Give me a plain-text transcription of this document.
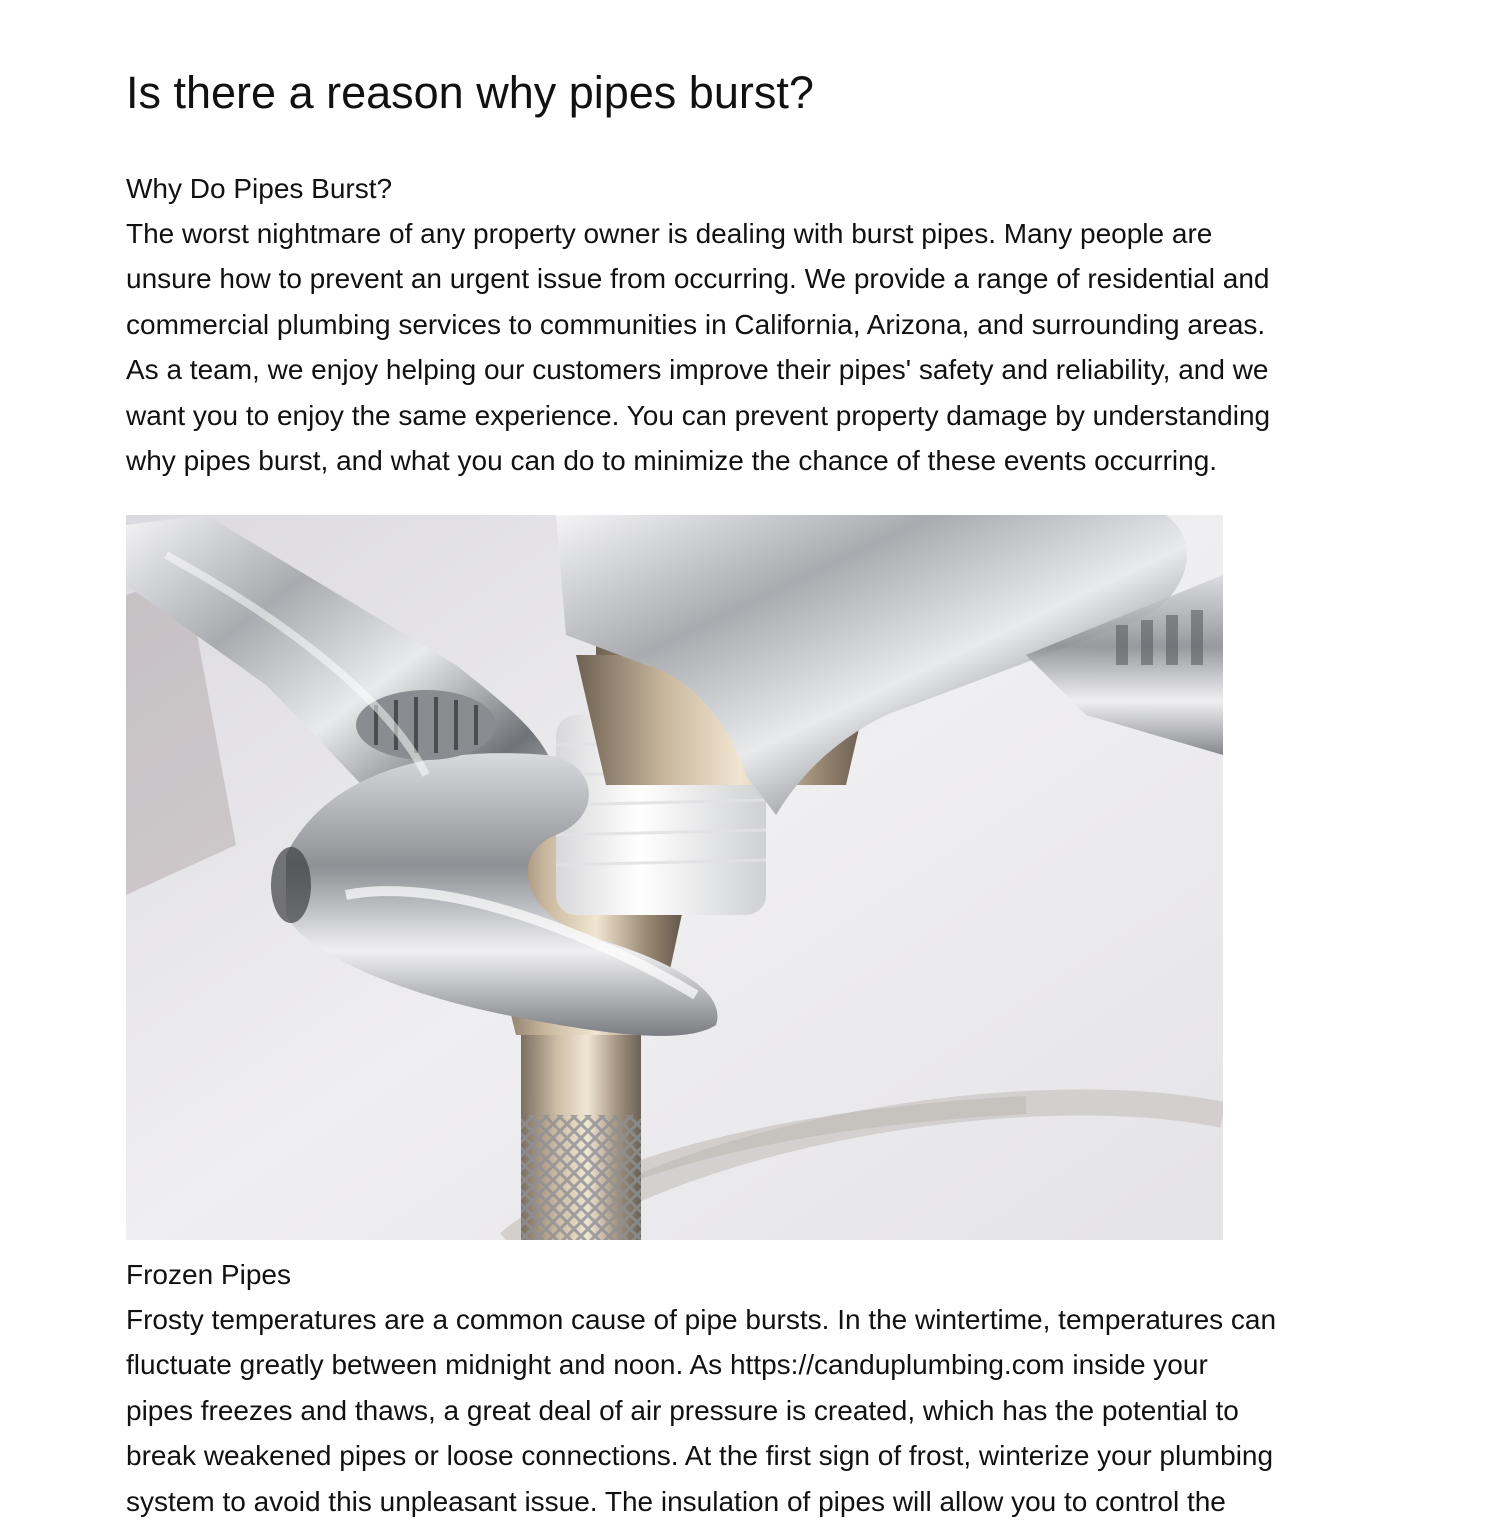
Is there a reason why pipes burst?
Why Do Pipes Burst?

The worst nightmare of any property owner is dealing with burst pipes. Many people are
unsure how to prevent an urgent issue from occurring. We provide a range of residential and
commercial plumbing services to communities in California, Arizona, and surrounding areas.
As a team, we enjoy helping our customers improve their pipes' safety and reliability, and we
want you to enjoy the same experience. You can prevent property damage by understanding
why pipes burst, and what you can do to minimize the chance of these events occurring.

Frozen Pipes

Frosty temperatures are a common cause of pipe bursts. In the wintertime, temperatures can
fluctuate greatly between midnight and noon. As https://canduplumbing.com inside your
pipes freezes and thaws, a great deal of air pressure is created, which has the potential to
break weakened pipes or loose connections. At the first sign of frost, winterize your plumbing
system to avoid this unpleasant issue. The insulation of pipes will allow you to control the
